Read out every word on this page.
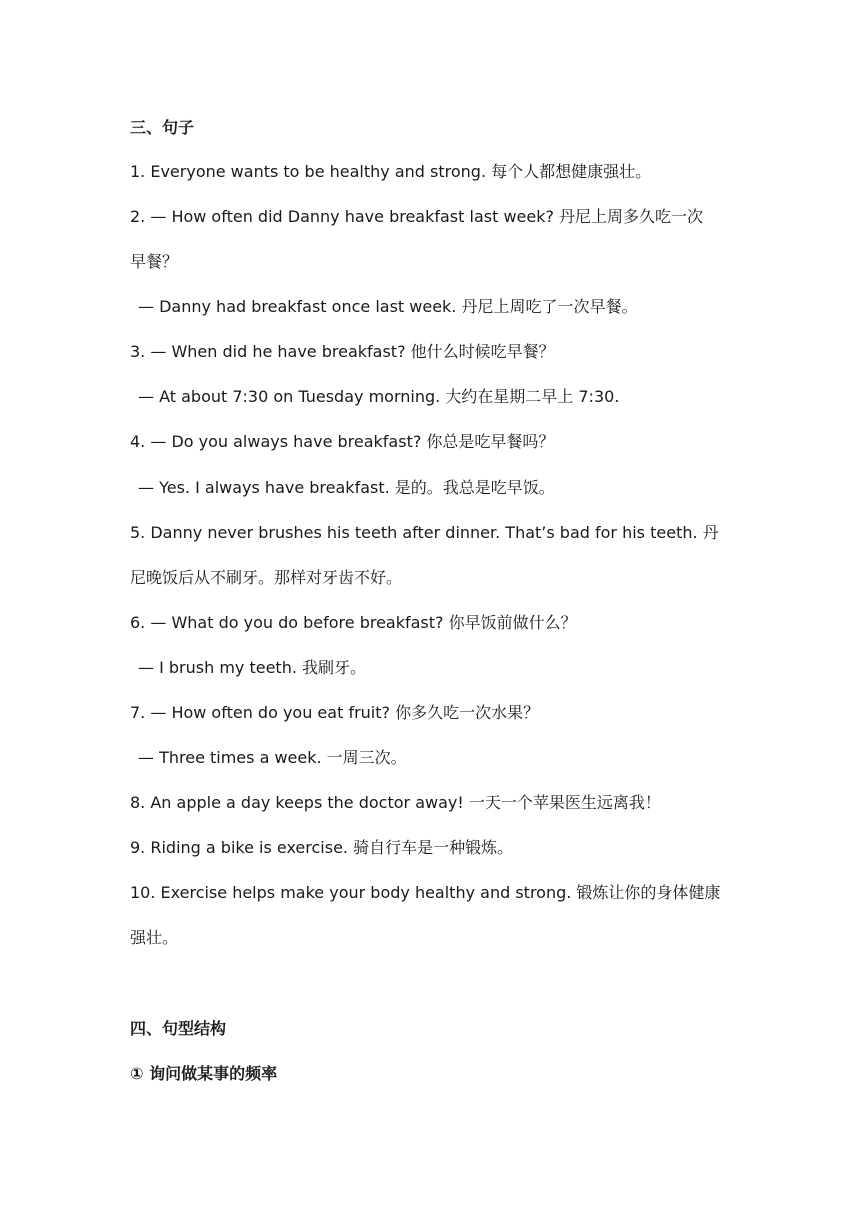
三、句子
1. Everyone wants to be healthy and strong. 每个人都想健康强壮。
2. — How often did Danny have breakfast last week? 丹尼上周多久吃一次
早餐？
— Danny had breakfast once last week. 丹尼上周吃了一次早餐。
3. — When did he have breakfast? 他什么时候吃早餐？
— At about 7:30 on Tuesday morning. 大约在星期二早上 7:30.
4. — Do you always have breakfast? 你总是吃早餐吗？
— Yes. I always have breakfast. 是的。我总是吃早饭。
5. Danny never brushes his teeth after dinner. That’s bad for his teeth. 丹
尼晚饭后从不刷牙。那样对牙齿不好。
6. — What do you do before breakfast? 你早饭前做什么？
— I brush my teeth. 我刷牙。
7. — How often do you eat fruit? 你多久吃一次水果？
— Three times a week. 一周三次。
8. An apple a day keeps the doctor away! 一天一个苹果医生远离我！
9. Riding a bike is exercise. 骑自行车是一种锻炼。
10. Exercise helps make your body healthy and strong. 锻炼让你的身体健康
强壮。
四、句型结构
① 询问做某事的频率
